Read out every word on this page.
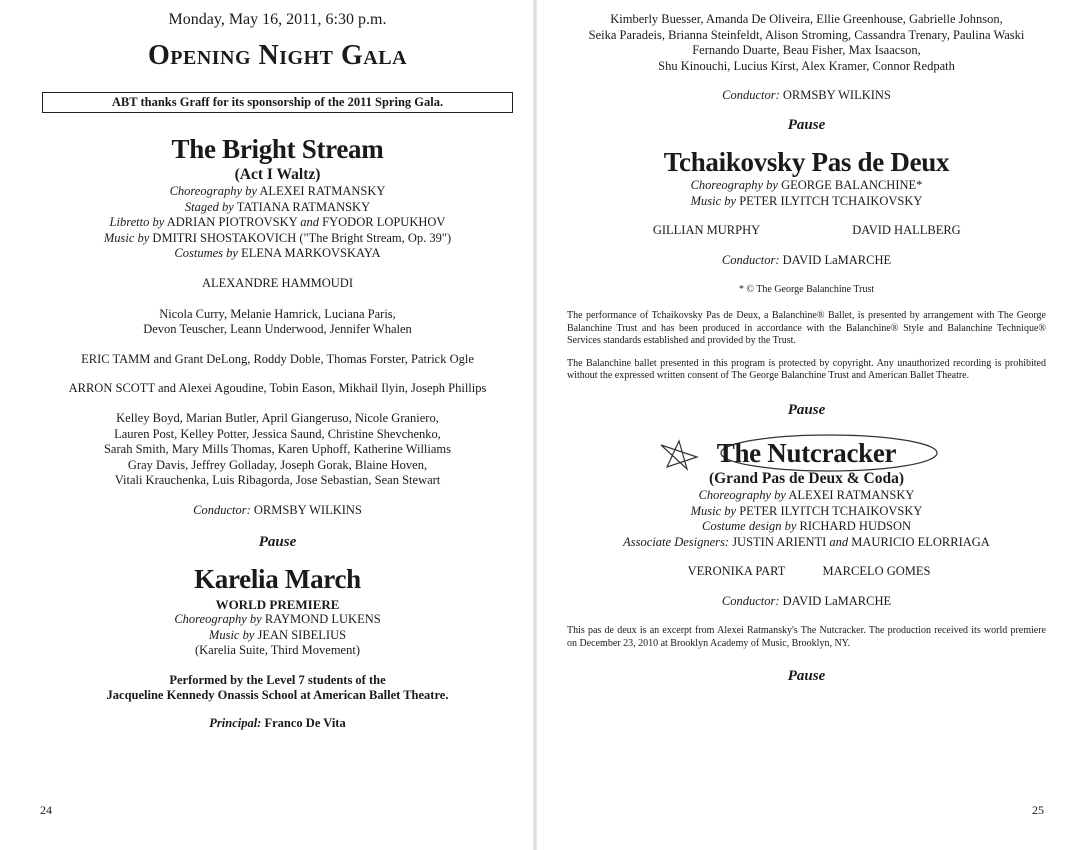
Monday, May 16, 2011, 6:30 p.m.
Opening Night Gala
ABT thanks Graff for its sponsorship of the 2011 Spring Gala.
The Bright Stream
(Act I Waltz)
Choreography by ALEXEI RATMANSKY
Staged by TATIANA RATMANSKY
Libretto by ADRIAN PIOTROVSKY and FYODOR LOPUKHOV
Music by DMITRI SHOSTAKOVICH ("The Bright Stream, Op. 39")
Costumes by ELENA MARKOVSKAYA
ALEXANDRE HAMMOUDI
Nicola Curry, Melanie Hamrick, Luciana Paris,
Devon Teuscher, Leann Underwood, Jennifer Whalen
ERIC TAMM and Grant DeLong, Roddy Doble, Thomas Forster, Patrick Ogle
ARRON SCOTT and Alexei Agoudine, Tobin Eason, Mikhail Ilyin, Joseph Phillips
Kelley Boyd, Marian Butler, April Giangeruso, Nicole Graniero,
Lauren Post, Kelley Potter, Jessica Saund, Christine Shevchenko,
Sarah Smith, Mary Mills Thomas, Karen Uphoff, Katherine Williams
Gray Davis, Jeffrey Golladay, Joseph Gorak, Blaine Hoven,
Vitali Krauchenka, Luis Ribagorda, Jose Sebastian, Sean Stewart
Conductor: ORMSBY WILKINS
Pause
Karelia March
WORLD PREMIERE
Choreography by RAYMOND LUKENS
Music by JEAN SIBELIUS
(Karelia Suite, Third Movement)
Performed by the Level 7 students of the
Jacqueline Kennedy Onassis School at American Ballet Theatre.
Principal: Franco De Vita
24
Kimberly Buesser, Amanda De Oliveira, Ellie Greenhouse, Gabrielle Johnson,
Seika Paradeis, Brianna Steinfeldt, Alison Stroming, Cassandra Trenary, Paulina Waski
Fernando Duarte, Beau Fisher, Max Isaacson,
Shu Kinouchi, Lucius Kirst, Alex Kramer, Connor Redpath
Conductor: ORMSBY WILKINS
Pause
Tchaikovsky Pas de Deux
Choreography by GEORGE BALANCHINE*
Music by PETER ILYITCH TCHAIKOVSKY
GILLIAN MURPHY	DAVID HALLBERG
Conductor: DAVID LaMARCHE
* © The George Balanchine Trust
The performance of Tchaikovsky Pas de Deux, a Balanchine® Ballet, is presented by arrangement with The George Balanchine Trust and has been produced in accordance with the Balanchine® Style and Balanchine Technique® Services standards established and provided by the Trust.
The Balanchine ballet presented in this program is protected by copyright. Any unauthorized recording is prohibited without the expressed written consent of The George Balanchine Trust and American Ballet Theatre.
Pause
The Nutcracker
(Grand Pas de Deux & Coda)
Choreography by ALEXEI RATMANSKY
Music by PETER ILYITCH TCHAIKOVSKY
Costume design by RICHARD HUDSON
Associate Designers: JUSTIN ARIENTI and MAURICIO ELORRIAGA
VERONIKA PART	MARCELO GOMES
Conductor: DAVID LaMARCHE
This pas de deux is an excerpt from Alexei Ratmansky's The Nutcracker. The production received its world premiere on December 23, 2010 at Brooklyn Academy of Music, Brooklyn, NY.
Pause
25
